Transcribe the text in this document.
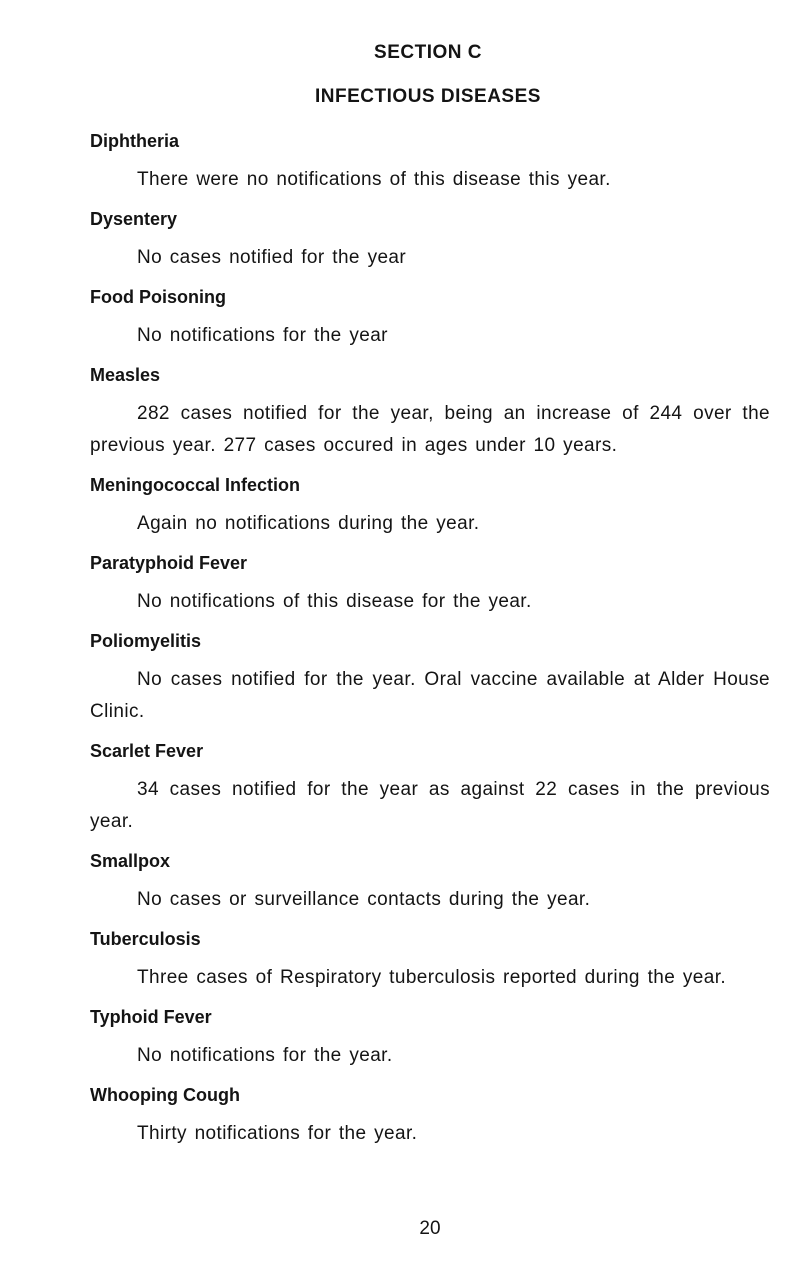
SECTION C
INFECTIOUS DISEASES
Diphtheria

There were no notifications of this disease this year.

Dysentery

No cases notified for the year

Food Poisoning

No notifications for the year

Measles

282 cases notified for the year, being an increase of 244 over the previous year. 277 cases occured in ages under 10 years.

Meningococcal Infection

Again no notifications during the year.

Paratyphoid Fever

No notifications of this disease for the year.

Poliomyelitis

No cases notified for the year. Oral vaccine available at Alder House Clinic.

Scarlet Fever

34 cases notified for the year as against 22 cases in the previous year.

Smallpox

No cases or surveillance contacts during the year.

Tuberculosis

Three cases of Respiratory tuberculosis reported during the year.

Typhoid Fever

No notifications for the year.

Whooping Cough

Thirty notifications for the year.

20
